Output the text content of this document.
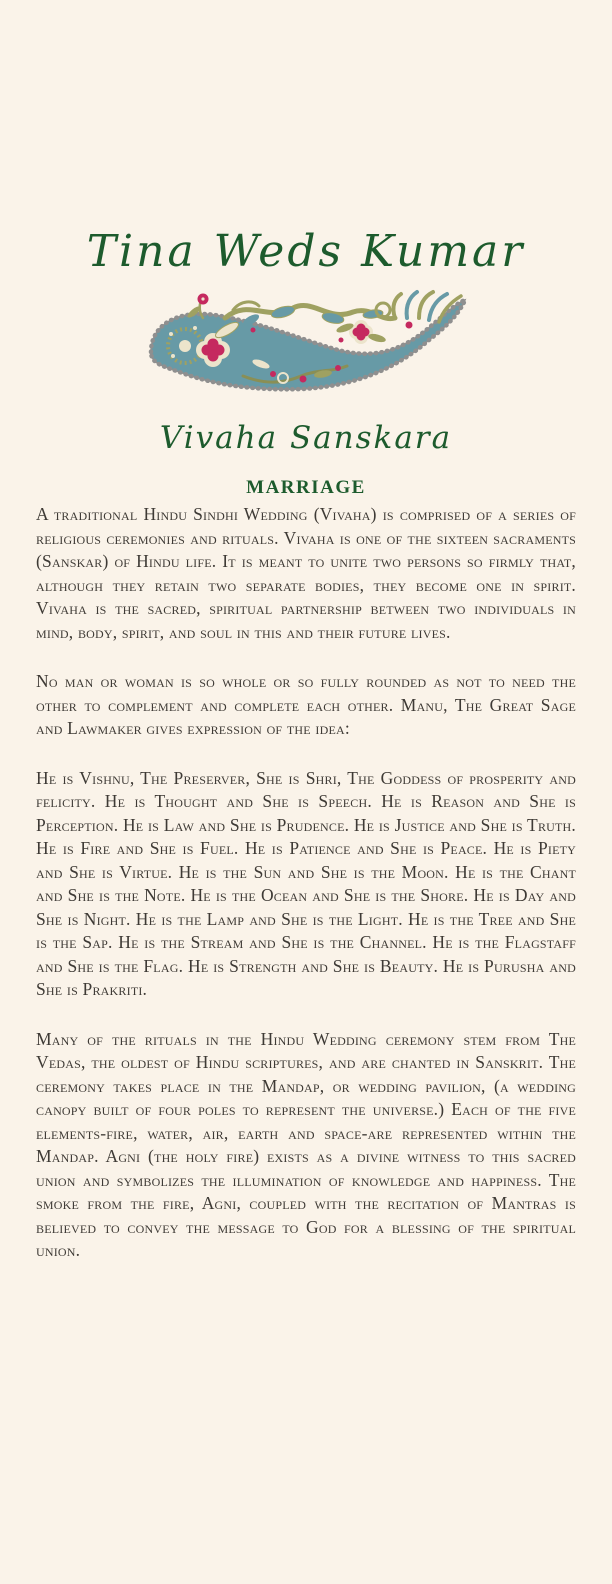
Tina Weds Kumar
Vivaha Sanskara
MARRIAGE

A traditional Hindu Sindhi Wedding (Vivaha) is comprised of a series of religious ceremonies and rituals. Vivaha is one of the sixteen sacraments (Sanskar) of Hindu life. It is meant to unite two persons so firmly that, although they retain two separate bodies, they become one in spirit. Vivaha is the sacred, spiritual partnership between two individuals in mind, body, spirit, and soul in this and their future lives.

No man or woman is so whole or so fully rounded as not to need the other to complement and complete each other. Manu, The Great Sage and Lawmaker gives expression of the idea:

He is Vishnu, The Preserver, She is Shri, The Goddess of prosperity and felicity. He is Thought and She is Speech. He is Reason and She is Perception. He is Law and She is Prudence. He is Justice and She is Truth. He is Fire and She is Fuel. He is Patience and She is Peace. He is Piety and She is Virtue. He is the Sun and She is the Moon. He is the Chant and She is the Note. He is the Ocean and She is the Shore. He is Day and She is Night. He is the Lamp and She is the Light. He is the Tree and She is the Sap. He is the Stream and She is the Channel. He is the Flagstaff and She is the Flag. He is Strength and She is Beauty. He is Purusha and She is Prakriti.

Many of the rituals in the Hindu Wedding ceremony stem from The Vedas, the oldest of Hindu scriptures, and are chanted in Sanskrit. The ceremony takes place in the Mandap, or wedding pavilion, (a wedding canopy built of four poles to represent the universe.) Each of the five elements-fire, water, air, earth and space-are represented within the Mandap. Agni (the holy fire) exists as a divine witness to this sacred union and symbolizes the illumination of knowledge and happiness. The smoke from the fire, Agni, coupled with the recitation of Mantras is believed to convey the message to God for a blessing of the spiritual union.
